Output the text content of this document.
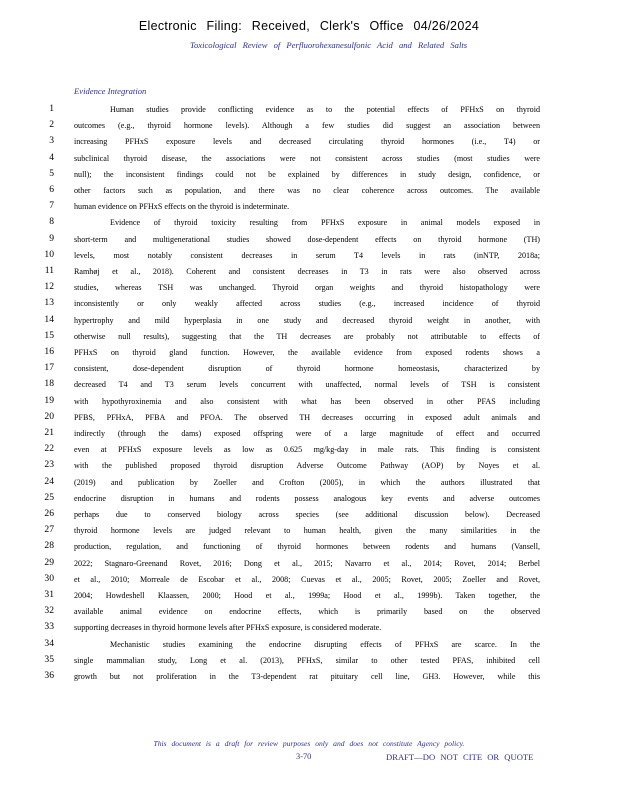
Electronic Filing: Received, Clerk's Office 04/26/2024
Toxicological Review of Perfluorohexanesulfonic Acid and Related Salts
Evidence Integration
1	Human studies provide conflicting evidence as to the potential effects of PFHxS on thyroid
2 outcomes (e.g., thyroid hormone levels). Although a few studies did suggest an association between
3 increasing PFHxS exposure levels and decreased circulating thyroid hormones (i.e., T4) or
4 subclinical thyroid disease, the associations were not consistent across studies (most studies were
5 null); the inconsistent findings could not be explained by differences in study design, confidence, or
6 other factors such as population, and there was no clear coherence across outcomes. The available
7 human evidence on PFHxS effects on the thyroid is indeterminate.
8	Evidence of thyroid toxicity resulting from PFHxS exposure in animal models exposed in
9 short-term and multigenerational studies showed dose-dependent effects on thyroid hormone (TH)
10 levels, most notably consistent decreases in serum T4 levels in rats (inNTP, 2018a;
11 Ramhøj et al., 2018). Coherent and consistent decreases in T3 in rats were also observed across
12 studies, whereas TSH was unchanged. Thyroid organ weights and thyroid histopathology were
13 inconsistently or only weakly affected across studies (e.g., increased incidence of thyroid
14 hypertrophy and mild hyperplasia in one study and decreased thyroid weight in another, with
15 otherwise null results), suggesting that the TH decreases are probably not attributable to effects of
16 PFHxS on thyroid gland function. However, the available evidence from exposed rodents shows a
17 consistent, dose-dependent disruption of thyroid hormone homeostasis, characterized by
18 decreased T4 and T3 serum levels concurrent with unaffected, normal levels of TSH is consistent
19 with hypothyroxinemia and also consistent with what has been observed in other PFAS including
20 PFBS, PFHxA, PFBA and PFOA. The observed TH decreases occurring in exposed adult animals and
21 indirectly (through the dams) exposed offspring were of a large magnitude of effect and occurred
22 even at PFHxS exposure levels as low as 0.625 mg/kg-day in male rats. This finding is consistent
23 with the published proposed thyroid disruption Adverse Outcome Pathway (AOP) by Noyes et al.
24 (2019) and publication by Zoeller and Crofton (2005), in which the authors illustrated that
25 endocrine disruption in humans and rodents possess analogous key events and adverse outcomes
26 perhaps due to conserved biology across species (see additional discussion below). Decreased
27 thyroid hormone levels are judged relevant to human health, given the many similarities in the
28 production, regulation, and functioning of thyroid hormones between rodents and humans (Vansell,
29 2022; Stagnaro-Greenand Rovet, 2016; Dong et al., 2015; Navarro et al., 2014; Rovet, 2014; Berbel
30 et al., 2010; Morreale de Escobar et al., 2008; Cuevas et al., 2005; Rovet, 2005; Zoeller and Rovet,
31 2004; Howdeshell Klaassen, 2000; Hood et al., 1999a; Hood et al., 1999b). Taken together, the
32 available animal evidence on endocrine effects, which is primarily based on the observed
33 supporting decreases in thyroid hormone levels after PFHxS exposure, is considered moderate.
34	Mechanistic studies examining the endocrine disrupting effects of PFHxS are scarce. In the
35 single mammalian study, Long et al. (2013), PFHxS, similar to other tested PFAS, inhibited cell
36 growth but not proliferation in the T3-dependent rat pituitary cell line, GH3. However, while this
This document is a draft for review purposes only and does not constitute Agency policy.
3-70	DRAFT—DO NOT CITE OR QUOTE
